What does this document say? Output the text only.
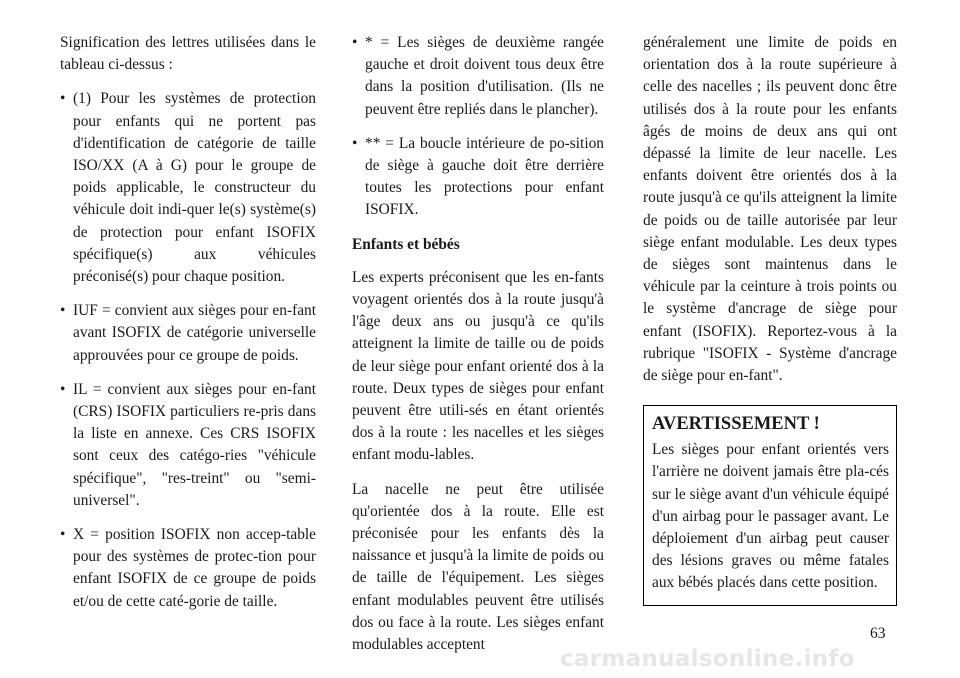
Signification des lettres utilisées dans le tableau ci-dessus :

• (1) Pour les systèmes de protection pour enfants qui ne portent pas d'identification de catégorie de taille ISO/XX (A à G) pour le groupe de poids applicable, le constructeur du véhicule doit indi-quer le(s) système(s) de protection pour enfant ISOFIX spécifique(s) aux véhicules préconisé(s) pour chaque position.
• IUF = convient aux sièges pour en-fant avant ISOFIX de catégorie universelle approuvées pour ce groupe de poids.
• IL = convient aux sièges pour en-fant (CRS) ISOFIX particuliers re-pris dans la liste en annexe. Ces CRS ISOFIX sont ceux des catégo-ries "véhicule spécifique", "res-treint" ou "semi-universel".
• X = position ISOFIX non accep-table pour des systèmes de protec-tion pour enfant ISOFIX de ce groupe de poids et/ou de cette caté-gorie de taille.
• * = Les sièges de deuxième rangée gauche et droit doivent tous deux être dans la position d'utilisation. (Ils ne peuvent être repliés dans le plancher).
• ** = La boucle intérieure de po-sition de siège à gauche doit être derrière toutes les protections pour enfant ISOFIX.

Enfants et bébés

Les experts préconisent que les en-fants voyagent orientés dos à la route jusqu'à l'âge deux ans ou jusqu'à ce qu'ils atteignent la limite de taille ou de poids de leur siège pour enfant orienté dos à la route. Deux types de sièges pour enfant peuvent être utili-sés en étant orientés dos à la route : les nacelles et les sièges enfant modu-lables.

La nacelle ne peut être utilisée qu'orientée dos à la route. Elle est préconisée pour les enfants dès la naissance et jusqu'à la limite de poids ou de taille de l'équipement. Les sièges enfant modulables peuvent être utilisés dos ou face à la route. Les sièges enfant modulables acceptent

généralement une limite de poids en orientation dos à la route supérieure à celle des nacelles ; ils peuvent donc être utilisés dos à la route pour les enfants âgés de moins de deux ans qui ont dépassé la limite de leur nacelle. Les enfants doivent être orientés dos à la route jusqu'à ce qu'ils atteignent la limite de poids ou de taille autorisée par leur siège enfant modulable. Les deux types de sièges sont maintenus dans le véhicule par la ceinture à trois points ou le système d'ancrage de siège pour enfant (ISOFIX). Reportez-vous à la rubrique "ISOFIX - Système d'ancrage de siège pour en-fant".

AVERTISSEMENT !

Les sièges pour enfant orientés vers l'arrière ne doivent jamais être pla-cés sur le siège avant d'un véhicule équipé d'un airbag pour le passager avant. Le déploiement d'un airbag peut causer des lésions graves ou même fatales aux bébés placés dans cette position.

63
carmanualsonline.info
